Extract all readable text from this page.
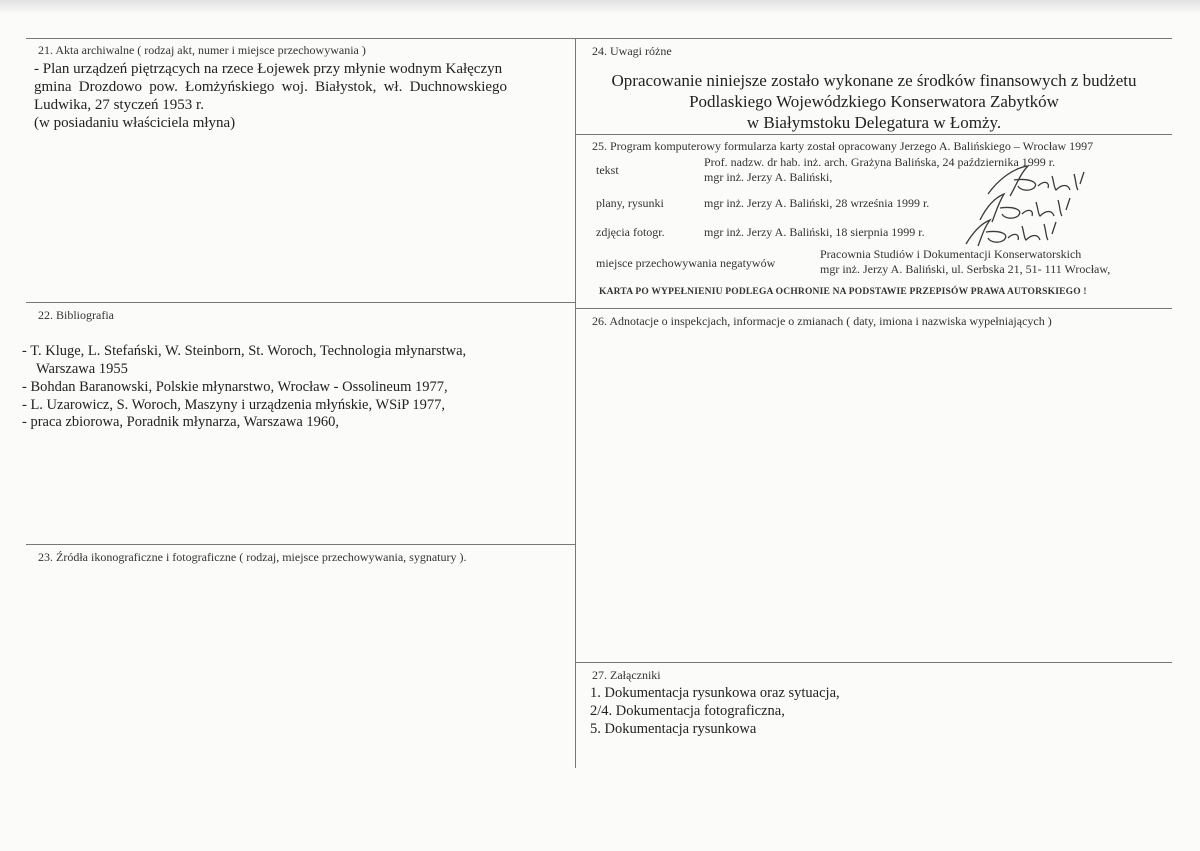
21. Akta archiwalne ( rodzaj akt, numer i miejsce przechowywania )
- Plan urządzeń piętrzących na rzece Łojewek przy młynie wodnym Kałęczyn
gmina Drozdowo pow. Łomżyńskiego woj. Białystok, wł. Duchnowskiego
Ludwika, 27 styczeń 1953 r.
(w posiadaniu właściciela młyna)
22. Bibliografia
- T. Kluge, L. Stefański, W. Steinborn, St. Woroch, Technologia młynarstwa,
Warszawa 1955
- Bohdan Baranowski, Polskie młynarstwo, Wrocław - Ossolineum 1977,
- L. Uzarowicz, S. Woroch, Maszyny i urządzenia młyńskie, WSiP 1977,
- praca zbiorowa, Poradnik młynarza, Warszawa 1960,
23. Źródła ikonograficzne i fotograficzne ( rodzaj, miejsce przechowywania, sygnatury ).
24. Uwagi różne
Opracowanie niniejsze zostało wykonane ze środków finansowych z budżetu
Podlaskiego Wojewódzkiego Konserwatora Zabytków
w Białymstoku Delegatura w Łomży.
25. Program komputerowy formularza karty został opracowany Jerzego A. Balińskiego – Wrocław 1997
tekst
Prof. nadzw. dr hab. inż. arch. Grażyna Balińska, 24 października 1999 r.
mgr inż. Jerzy A. Baliński,
plany, rysunki	mgr inż. Jerzy A. Baliński, 28 września 1999 r.
zdjęcia fotogr.	mgr inż. Jerzy A. Baliński, 18 sierpnia 1999 r.
miejsce przechowywania negatywów
Pracownia Studiów i Dokumentacji Konserwatorskich
mgr inż. Jerzy A. Baliński, ul. Serbska 21, 51- 111 Wrocław,
KARTA PO WYPEŁNIENIU PODLEGA OCHRONIE NA PODSTAWIE PRZEPISÓW PRAWA AUTORSKIEGO !
26. Adnotacje o inspekcjach, informacje o zmianach ( daty, imiona i nazwiska wypełniających )
27. Załączniki
1. Dokumentacja rysunkowa oraz sytuacja,
2/4. Dokumentacja fotograficzna,
5. Dokumentacja rysunkowa
